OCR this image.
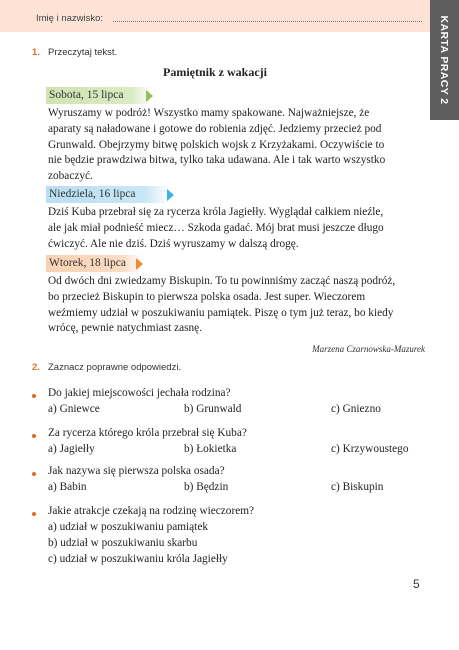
Imię i nazwisko:	KARTA PRACY 2
1. Przeczytaj tekst.
Pamiętnik z wakacji
Sobota, 15 lipca
Wyruszamy w podróż! Wszystko mamy spakowane. Najważniejsze, że
aparaty są naładowane i gotowe do robienia zdjęć. Jedziemy przecież pod
Grunwald. Obejrzymy bitwę polskich wojsk z Krzyżakami. Oczywiście to
nie będzie prawdziwa bitwa, tylko taka udawana. Ale i tak warto wszystko
zobaczyć.
Niedziela, 16 lipca
Dziś Kuba przebrał się za rycerza króla Jagiełły. Wyglądał całkiem nieźle,
ale jak miał podnieść miecz… Szkoda gadać. Mój brat musi jeszcze długo
ćwiczyć. Ale nie dziś. Dziś wyruszamy w dalszą drogę.
Wtorek, 18 lipca
Od dwóch dni zwiedzamy Biskupin. To tu powinniśmy zacząć naszą podróż,
bo przecież Biskupin to pierwsza polska osada. Jest super. Wieczorem
weźmiemy udział w poszukiwaniu pamiątek. Piszę o tym już teraz, bo kiedy
wrócę, pewnie natychmiast zasnę.
Marzena Czarnowska-Mazurek
2. Zaznacz poprawne odpowiedzi.
Do jakiej miejscowości jechała rodzina?
a) Gniewce	b) Grunwald	c) Gniezno
Za rycerza którego króla przebrał się Kuba?
a) Jagiełły	b) Łokietka	c) Krzywoustego
Jak nazywa się pierwsza polska osada?
a) Babin	b) Będzin	c) Biskupin
Jakie atrakcje czekają na rodzinę wieczorem?
a) udział w poszukiwaniu pamiątek
b) udział w poszukiwaniu skarbu
c) udział w poszukiwaniu króla Jagiełły
5
